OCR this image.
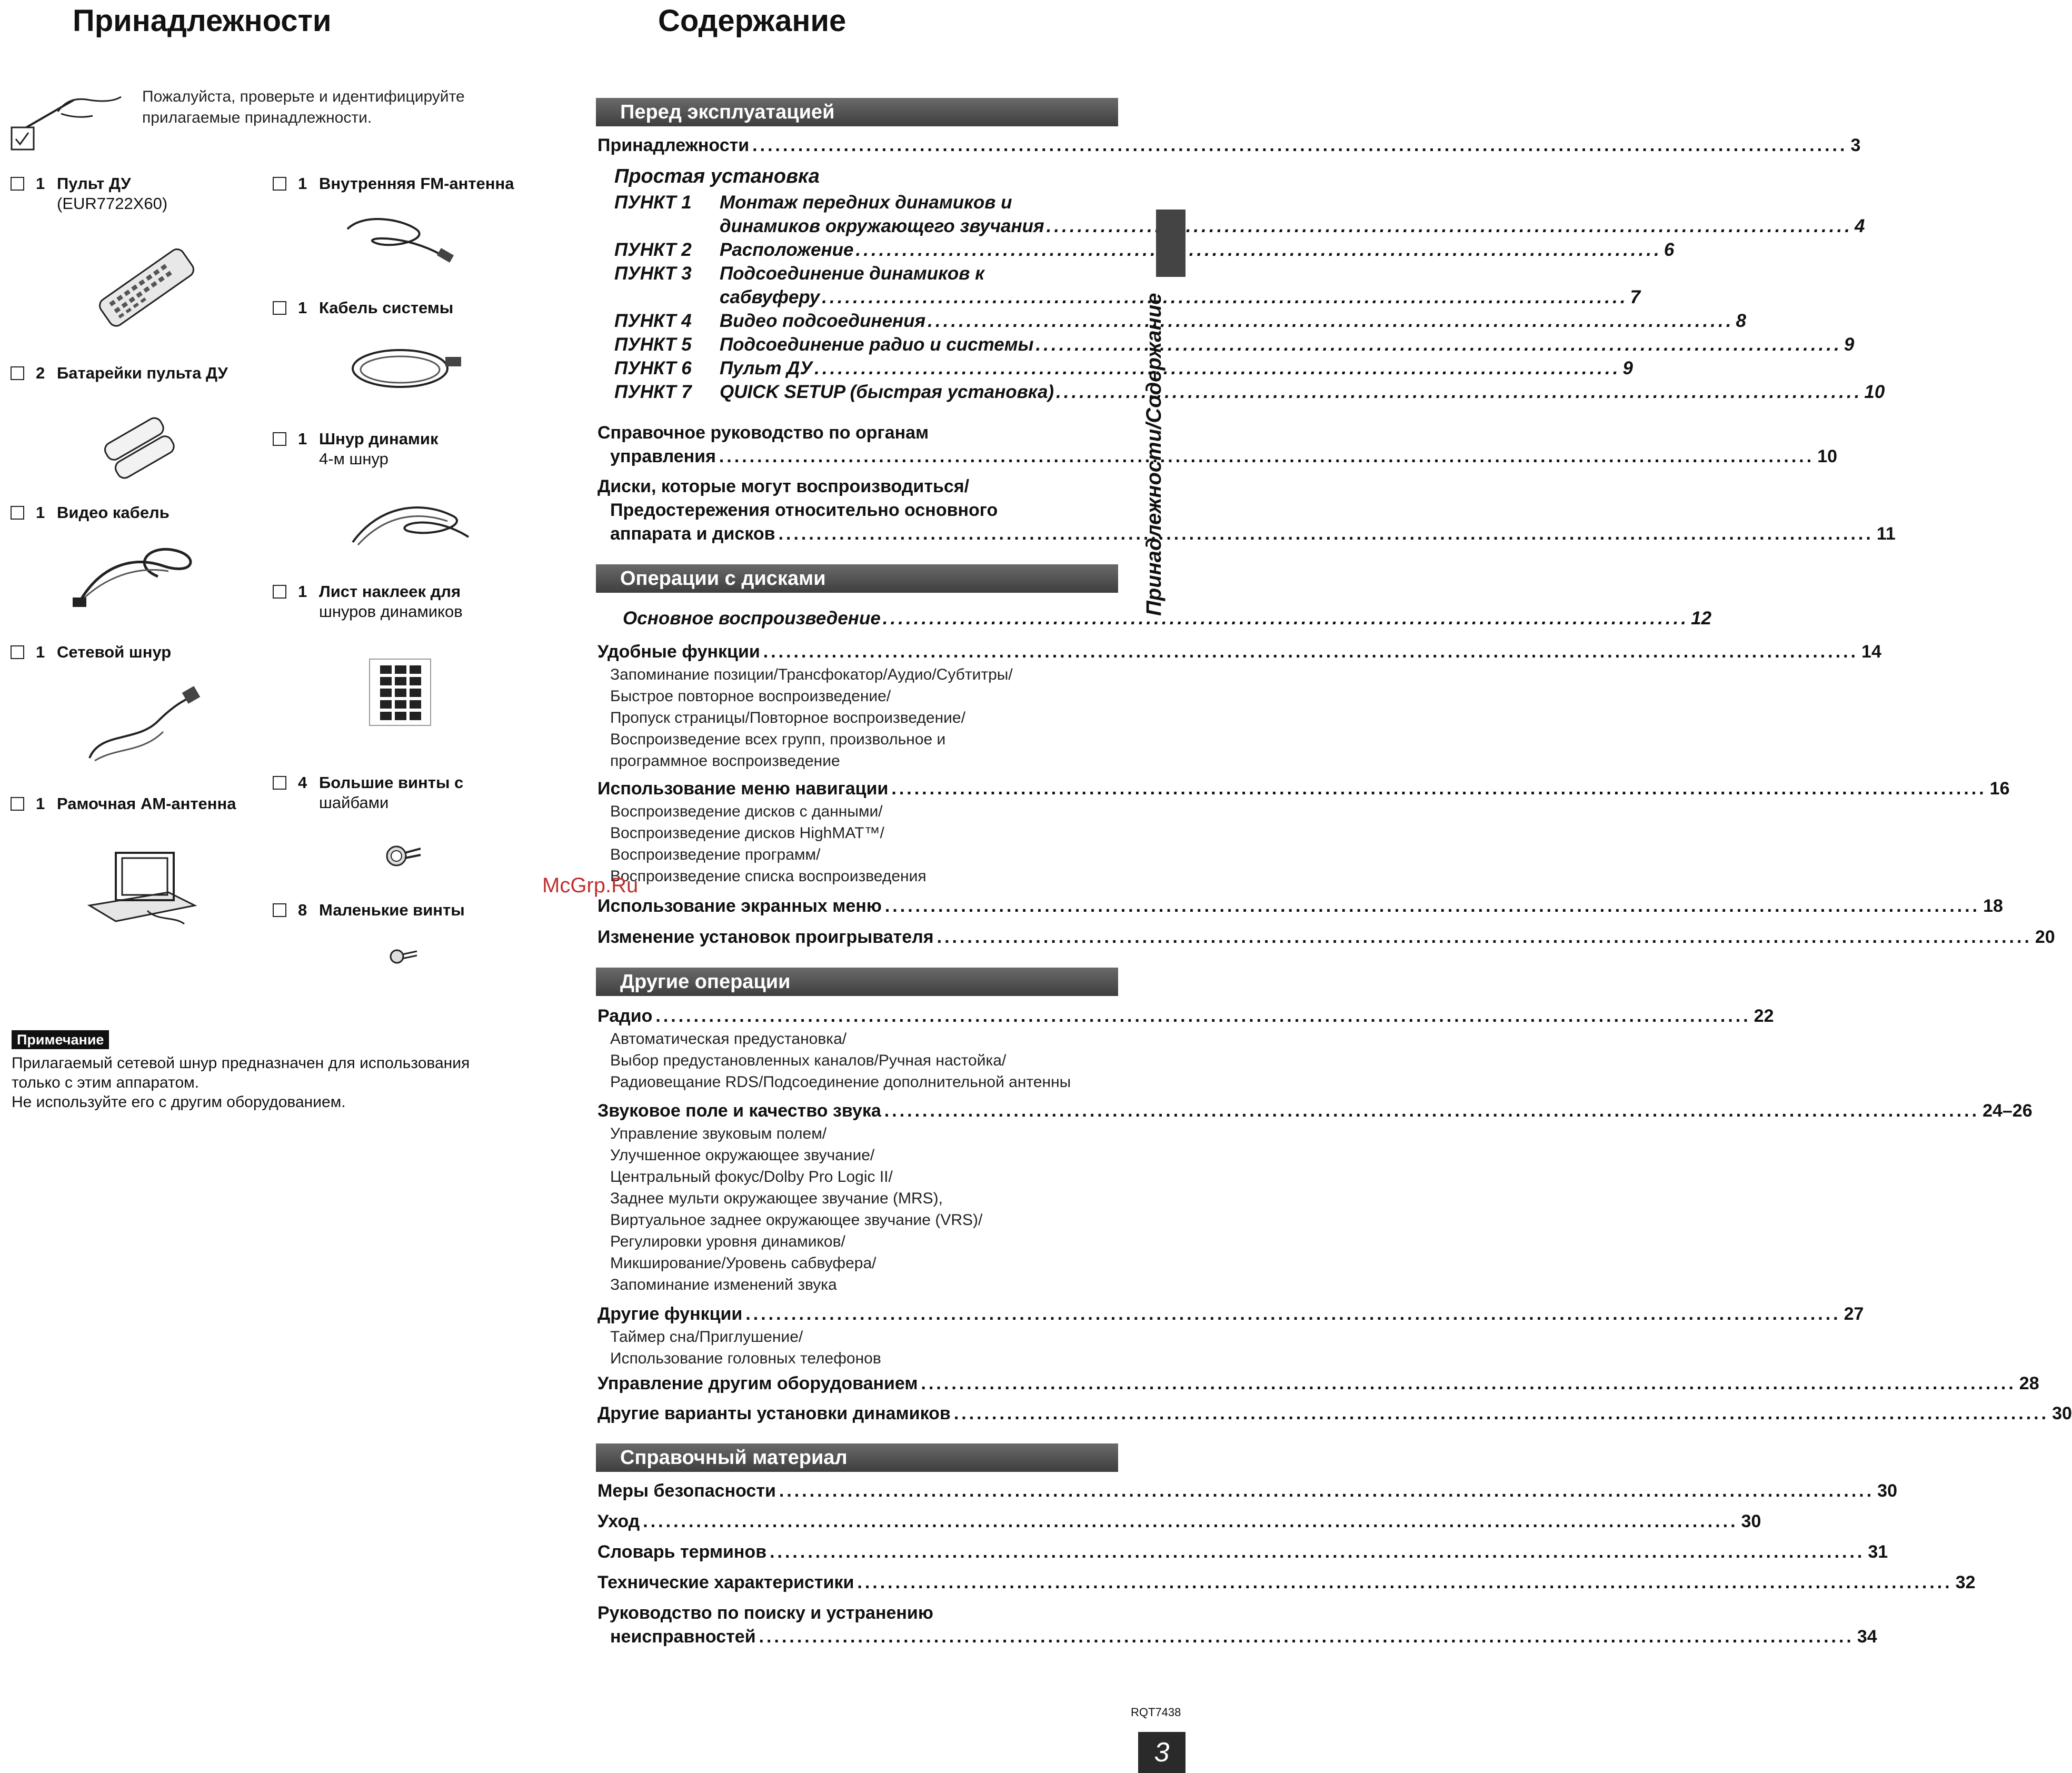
Принадлежности	Содержание
Пожалуйста, проверьте и идентифицируйте
прилагаемые принадлежности.
1 Пульт ДУ
(EUR7722X60)
2 Батарейки пульта ДУ
1 Видео кабель
1 Сетевой шнур
1 Рамочная АМ-антенна
1 Внутренняя FM-антенна
1 Кабель системы
1 Шнур динамик
4-м шнур
1 Лист наклеек для
шнуров динамиков
4 Большие винты с
шайбами
8 Маленькие винты
Примечание
Прилагаемый сетевой шнур предназначен для использования
только с этим аппаратом.
Не используйте его с другим оборудованием.
Перед эксплуатацией
Принадлежности .....	3
Простая установка
ПУНКТ 1 Монтаж передних динамиков и
динамиков окружающего звучания .....	4
ПУНКТ 2 Расположение .....	6
ПУНКТ 3 Подсоединение динамиков к
сабвуферу .....	7
ПУНКТ 4 Видео подсоединения .....	8
ПУНКТ 5 Подсоединение радио и системы .....	9
ПУНКТ 6 Пульт ДУ .....	9
ПУНКТ 7 QUICK SETUP (быстрая установка) .....	10
Справочное руководство по органам
управления .....	10
Диски, которые могут воспроизводиться/
Предостережения относительно основного
аппарата и дисков .....	11
Операции с дисками
Основное воспроизведение .....	12
Удобные функции .....	14
Запоминание позиции/Трансфокатор/Аудио/Субтитры/
Быстрое повторное воспроизведение/
Пропуск страницы/Повторное воспроизведение/
Воспроизведение всех групп, произвольное и
программное воспроизведение
Использование меню навигации .....	16
Воспроизведение дисков с данными/
Воспроизведение дисков HighMAT™/
Воспроизведение программ/
Воспроизведение списка воспроизведения
Использование экранных меню .....	18
Изменение установок проигрывателя .....	20
Другие операции
Радио .....	22
Автоматическая предустановка/
Выбор предустановленных каналов/Ручная настойка/
Радиовещание RDS/Подсоединение дополнительной антенны
Звуковое поле и качество звука .....	24–26
Управление звуковым полем/
Улучшенное окружающее звучание/
Центральный фокус/Dolby Pro Logic II/
Заднее мульти окружающее звучание (MRS),
Виртуальное заднее окружающее звучание (VRS)/
Регулировки уровня динамиков/
Микширование/Уровень сабвуфера/
Запоминание изменений звука
Другие функции .....	27
Таймер сна/Приглушение/
Использование головных телефонов
Управление другим оборудованием .....	28
Другие варианты установки динамиков .....	30
Справочный материал
Меры безопасности .....	30
Уход .....	30
Словарь терминов .....	31
Технические характеристики .....	32
Руководство по поиску и устранению
неисправностей .....	34
Принадлежности/Содержание
McGrp.Ru
RQT7438
3
